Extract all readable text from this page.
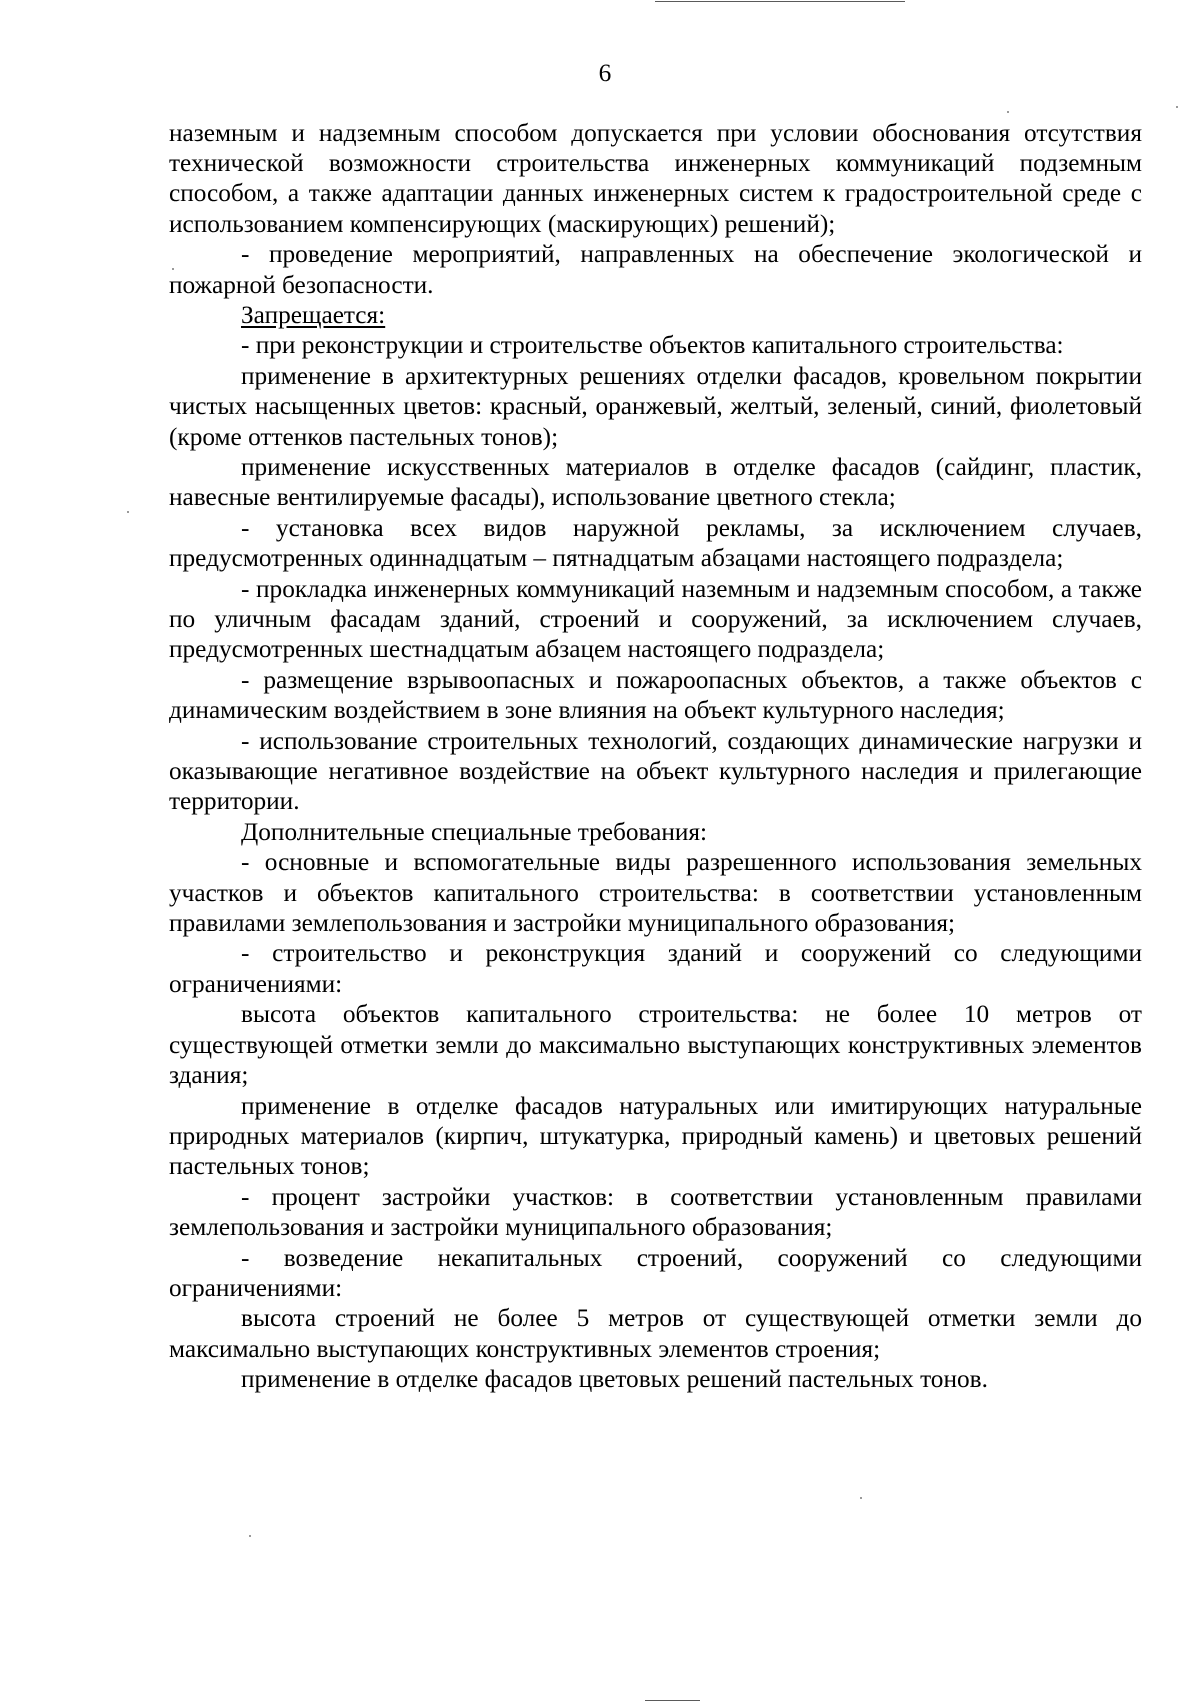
6

наземным и надземным способом допускается при условии обоснования отсутствия технической возможности строительства инженерных коммуникаций подземным способом, а также адаптации данных инженерных систем к градостроительной среде с использованием компенсирующих (маскирующих) решений);

- проведение мероприятий, направленных на обеспечение экологической и пожарной безопасности.

Запрещается:

- при реконструкции и строительстве объектов капитального строительства:

применение в архитектурных решениях отделки фасадов, кровельном покрытии чистых насыщенных цветов: красный, оранжевый, желтый, зеленый, синий, фиолетовый (кроме оттенков пастельных тонов);

применение искусственных материалов в отделке фасадов (сайдинг, пластик, навесные вентилируемые фасады), использование цветного стекла;

- установка всех видов наружной рекламы, за исключением случаев, предусмотренных одиннадцатым – пятнадцатым абзацами настоящего подраздела;

- прокладка инженерных коммуникаций наземным и надземным способом, а также по уличным фасадам зданий, строений и сооружений, за исключением случаев, предусмотренных шестнадцатым абзацем настоящего подраздела;

- размещение взрывоопасных и пожароопасных объектов, а также объектов с динамическим воздействием в зоне влияния на объект культурного наследия;

- использование строительных технологий, создающих динамические нагрузки и оказывающие негативное воздействие на объект культурного наследия и прилегающие территории.

Дополнительные специальные требования:

- основные и вспомогательные виды разрешенного использования земельных участков и объектов капитального строительства: в соответствии установленным правилами землепользования и застройки муниципального образования;

- строительство и реконструкция зданий и сооружений со следующими ограничениями:

высота объектов капитального строительства: не более 10 метров от существующей отметки земли до максимально выступающих конструктивных элементов здания;

применение в отделке фасадов натуральных или имитирующих натуральные природных материалов (кирпич, штукатурка, природный камень) и цветовых решений пастельных тонов;

- процент застройки участков: в соответствии установленным правилами землепользования и застройки муниципального образования;

- возведение некапитальных строений, сооружений со следующими ограничениями:

высота строений не более 5 метров от существующей отметки земли до максимально выступающих конструктивных элементов строения;

применение в отделке фасадов цветовых решений пастельных тонов.
